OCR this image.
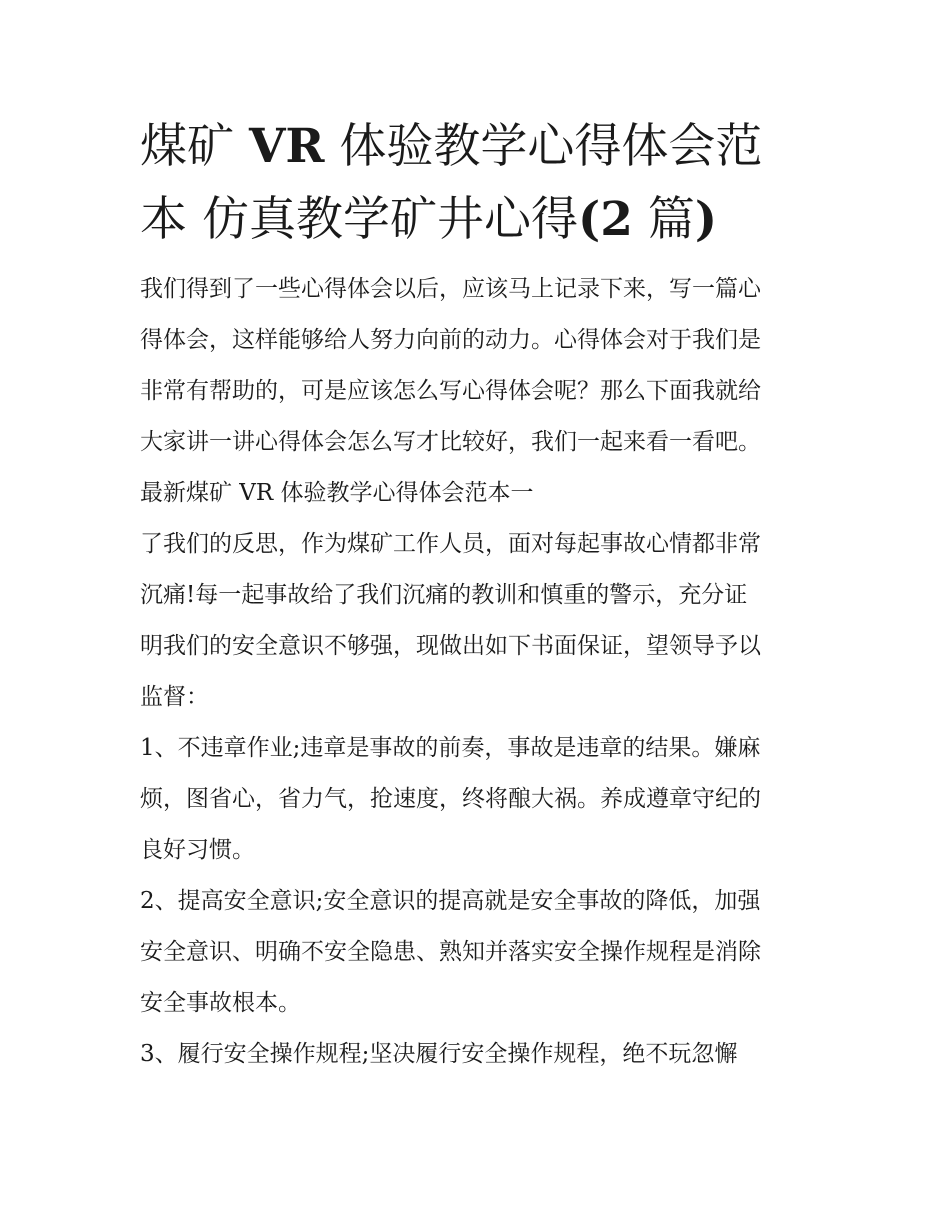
煤矿 VR 体验教学心得体会范
本 仿真教学矿井心得(2 篇)

我们得到了一些心得体会以后，应该马上记录下来，写一篇心

得体会，这样能够给人努力向前的动力。心得体会对于我们是

非常有帮助的，可是应该怎么写心得体会呢？那么下面我就给

大家讲一讲心得体会怎么写才比较好，我们一起来看一看吧。

最新煤矿 VR 体验教学心得体会范本一

了我们的反思，作为煤矿工作人员，面对每起事故心情都非常

沉痛!每一起事故给了我们沉痛的教训和慎重的警示，充分证

明我们的安全意识不够强，现做出如下书面保证，望领导予以

监督：

1、不违章作业;违章是事故的前奏，事故是违章的结果。嫌麻

烦，图省心，省力气，抢速度，终将酿大祸。养成遵章守纪的

良好习惯。

2、提高安全意识;安全意识的提高就是安全事故的降低，加强

安全意识、明确不安全隐患、熟知并落实安全操作规程是消除

安全事故根本。

3、履行安全操作规程;坚决履行安全操作规程，绝不玩忽懈
